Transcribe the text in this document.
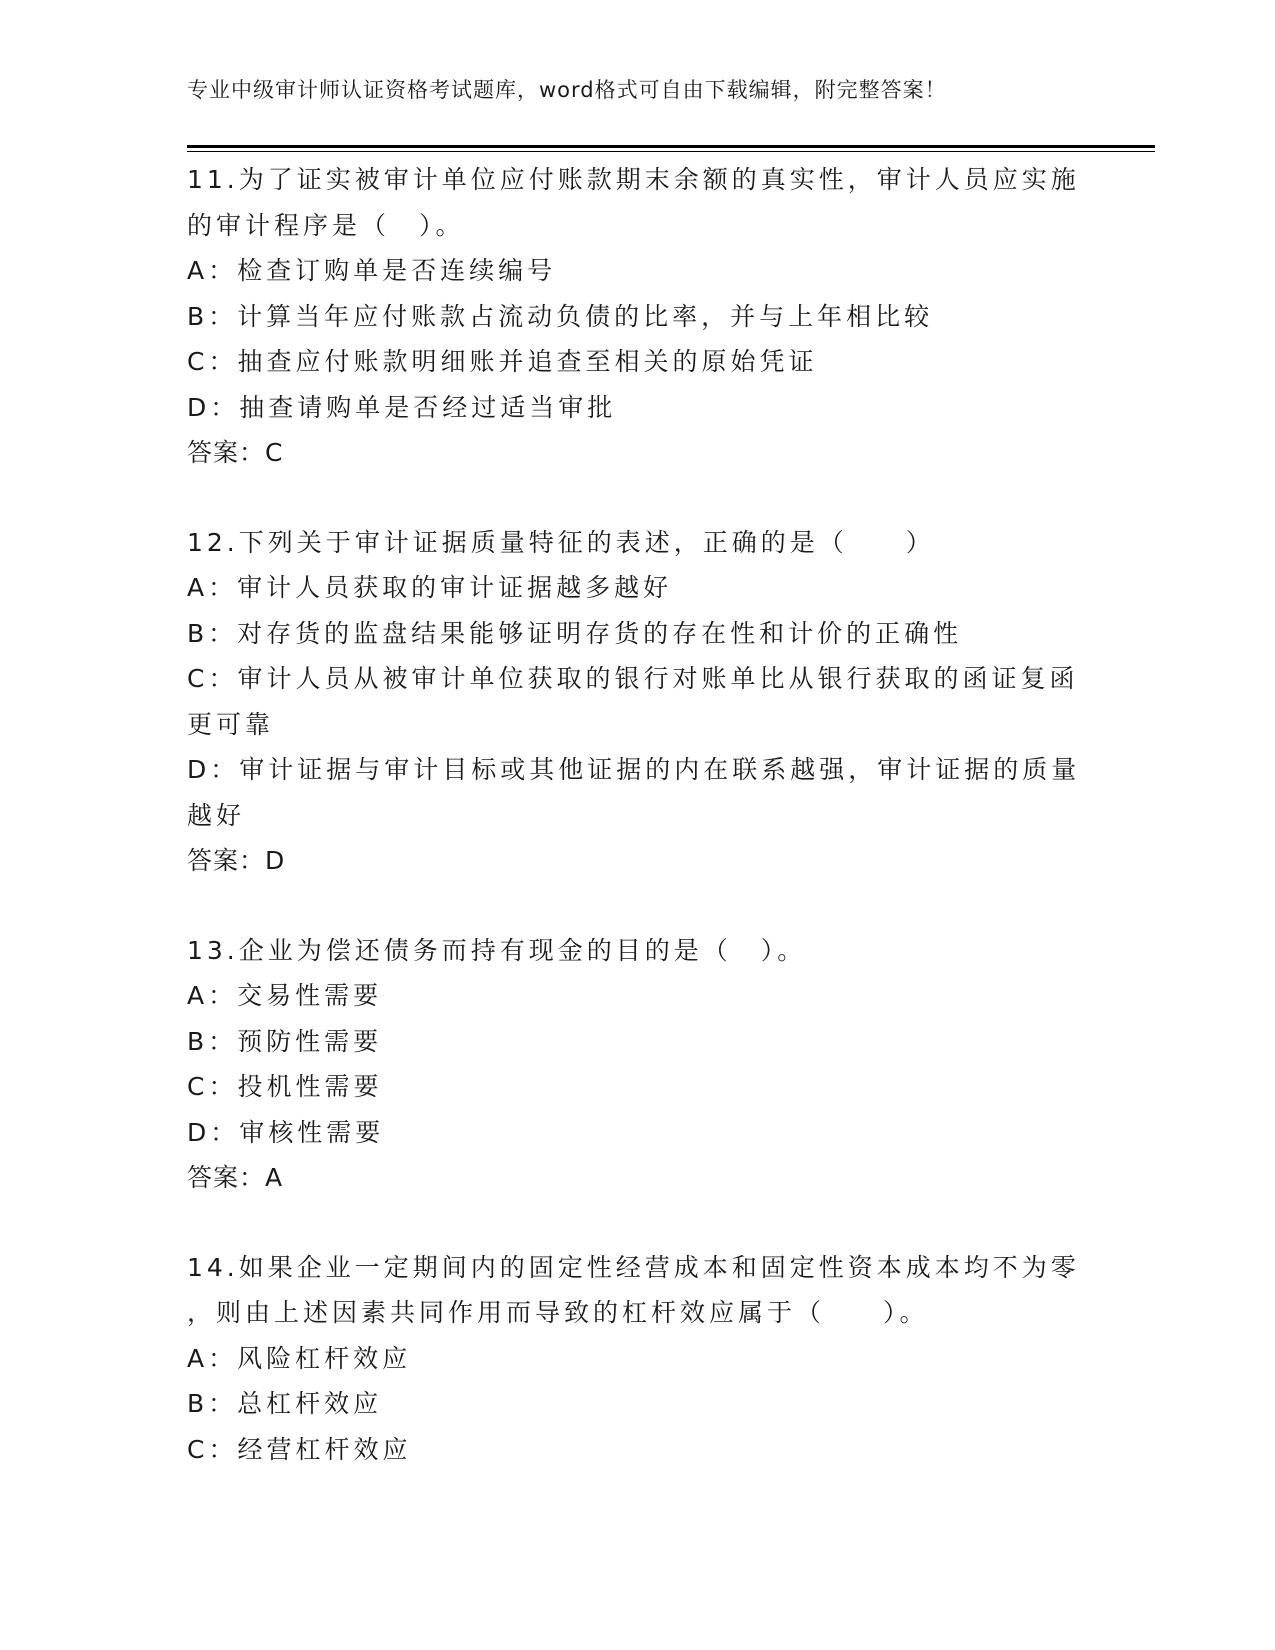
专业中级审计师认证资格考试题库，word格式可自由下载编辑，附完整答案！
11.为了证实被审计单位应付账款期末余额的真实性，审计人员应实施
的审计程序是（　）。
A：检查订购单是否连续编号
B：计算当年应付账款占流动负债的比率，并与上年相比较
C：抽查应付账款明细账并追查至相关的原始凭证
D：抽查请购单是否经过适当审批
答案：C
12.下列关于审计证据质量特征的表述，正确的是（　　）
A：审计人员获取的审计证据越多越好
B：对存货的监盘结果能够证明存货的存在性和计价的正确性
C：审计人员从被审计单位获取的银行对账单比从银行获取的函证复函
更可靠
D：审计证据与审计目标或其他证据的内在联系越强，审计证据的质量
越好
答案：D
13.企业为偿还债务而持有现金的目的是（　）。
A：交易性需要
B：预防性需要
C：投机性需要
D：审核性需要
答案：A
14.如果企业一定期间内的固定性经营成本和固定性资本成本均不为零
，则由上述因素共同作用而导致的杠杆效应属于（　　）。
A：风险杠杆效应
B：总杠杆效应
C：经营杠杆效应
